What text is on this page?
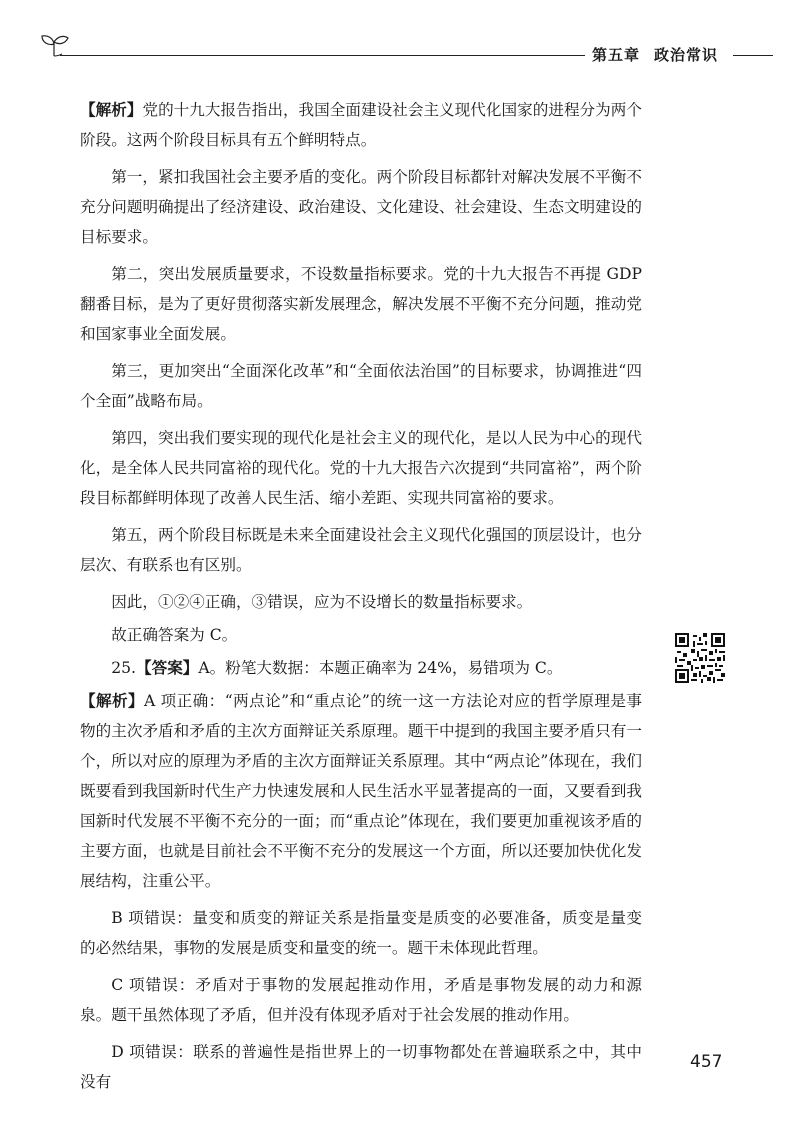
第五章 政治常识

【解析】党的十九大报告指出，我国全面建设社会主义现代化国家的进程分为两个阶段。这两个阶段目标具有五个鲜明特点。

第一，紧扣我国社会主要矛盾的变化。两个阶段目标都针对解决发展不平衡不充分问题明确提出了经济建设、政治建设、文化建设、社会建设、生态文明建设的目标要求。

第二，突出发展质量要求，不设数量指标要求。党的十九大报告不再提 GDP 翻番目标，是为了更好贯彻落实新发展理念，解决发展不平衡不充分问题，推动党和国家事业全面发展。

第三，更加突出“全面深化改革”和“全面依法治国”的目标要求，协调推进“四个全面”战略布局。

第四，突出我们要实现的现代化是社会主义的现代化，是以人民为中心的现代化，是全体人民共同富裕的现代化。党的十九大报告六次提到“共同富裕”，两个阶段目标都鲜明体现了改善人民生活、缩小差距、实现共同富裕的要求。

第五，两个阶段目标既是未来全面建设社会主义现代化强国的顶层设计，也分层次、有联系也有区别。

因此，①②④正确，③错误，应为不设增长的数量指标要求。

故正确答案为 C。

25.【答案】A。粉笔大数据：本题正确率为 24%，易错项为 C。

【解析】A 项正确：“两点论”和“重点论”的统一这一方法论对应的哲学原理是事物的主次矛盾和矛盾的主次方面辩证关系原理。题干中提到的我国主要矛盾只有一个，所以对应的原理为矛盾的主次方面辩证关系原理。其中“两点论”体现在，我们既要看到我国新时代生产力快速发展和人民生活水平显著提高的一面，又要看到我国新时代发展不平衡不充分的一面；而“重点论”体现在，我们要更加重视该矛盾的主要方面，也就是目前社会不平衡不充分的发展这一个方面，所以还要加快优化发展结构，注重公平。

B 项错误：量变和质变的辩证关系是指量变是质变的必要准备，质变是量变的必然结果，事物的发展是质变和量变的统一。题干未体现此哲理。

C 项错误：矛盾对于事物的发展起推动作用，矛盾是事物发展的动力和源泉。题干虽然体现了矛盾，但并没有体现矛盾对于社会发展的推动作用。

D 项错误：联系的普遍性是指世界上的一切事物都处在普遍联系之中，其中没有

457
